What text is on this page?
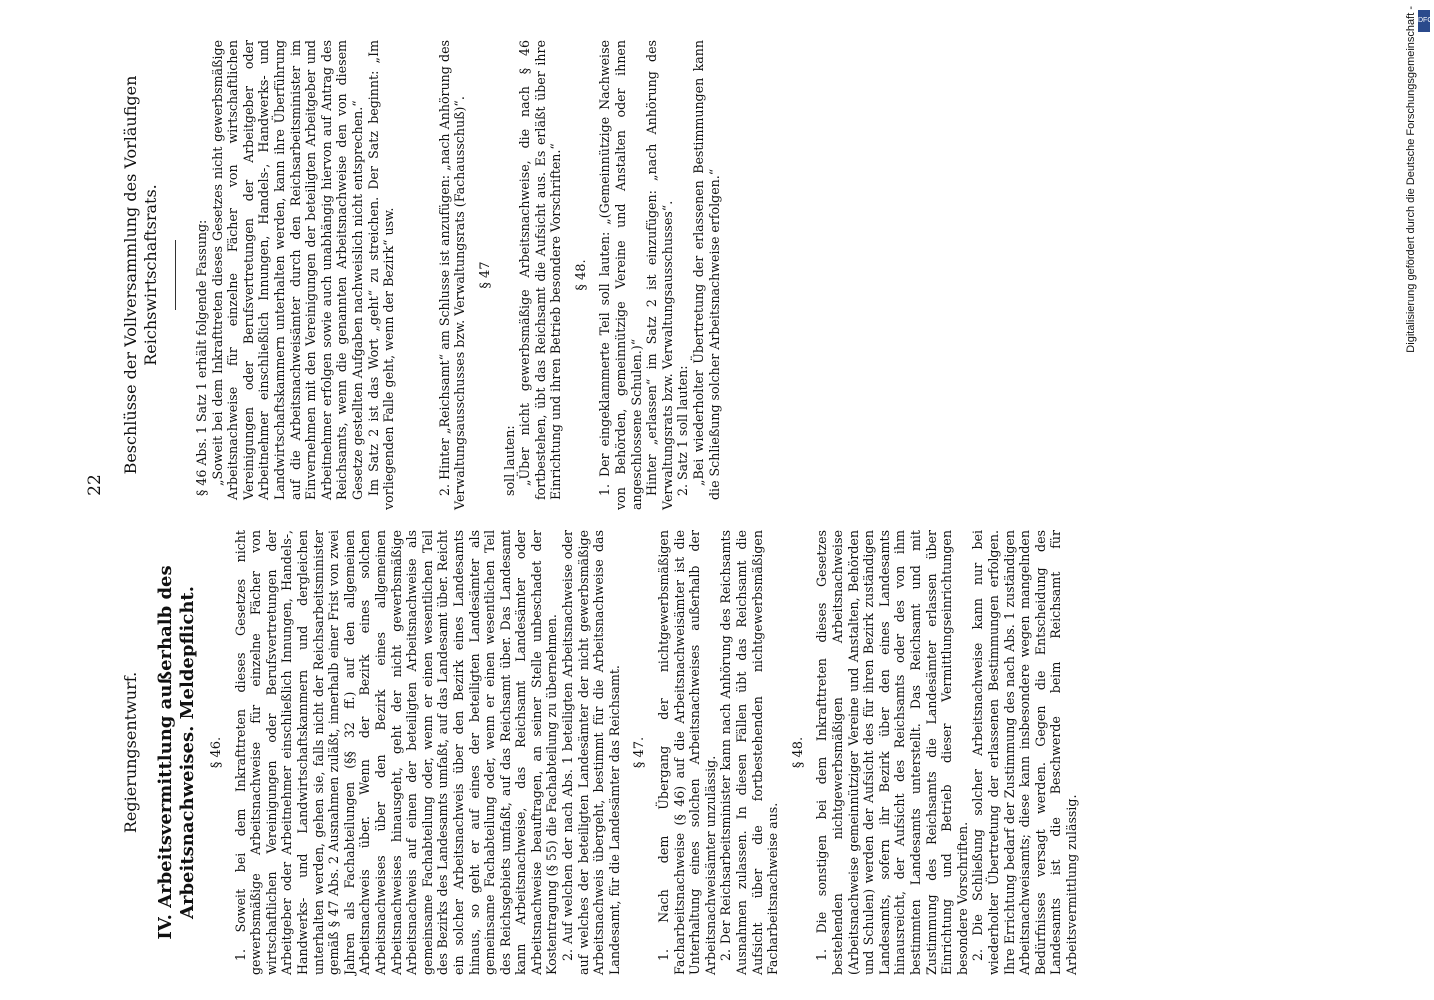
22
Regierungsentwurf. IV. Arbeitsvermittlung außerhalb des Arbeitsnachweises. Meldepflicht. § 46. 1. Soweit bei dem Inkrafttreten dieses Gesetzes nicht gewerbsmäßige Arbeitsnachweise für einzelne Fächer von wirtschaftlichen Vereinigungen oder Berufsvertretungen der Arbeitgeber oder Arbeitnehmer einschließlich Innungen, Handels-, Handwerks- und Landwirtschaftskammern und dergleichen unterhalten werden, gehen sie, falls nicht der Reichsarbeitsminister gemäß § 47 Abs. 2 Ausnahmen zuläßt, innerhalb einer Frist von zwei Jahren als Fachabteilungen (§§ 32 ff.) auf den allgemeinen Arbeitsnachweis über. Wenn der Bezirk eines solchen Arbeitsnachweises über den Bezirk eines allgemeinen Arbeitsnachweises hinausgeht, geht der nicht gewerbsmäßige Arbeitsnachweis auf einen der beteiligten Arbeitsnachweise als gemeinsame Fachabteilung oder, wenn er einen wesentlichen Teil des Bezirks des Landesamts umfaßt, auf das Landesamt über. Reicht ein solcher Arbeitsnachweis über den Bezirk eines Landesamts hinaus, so geht er auf eines der beteiligten Landesämter als gemeinsame Fachabteilung oder, wenn er einen wesentlichen Teil des Reichsgebiets umfaßt, auf das Reichsamt über. Das Landesamt kann Arbeitsnachweise, das Reichsamt Landesämter oder Arbeitsnachweise beauftragen, an seiner Stelle unbeschadet der Kostentragung (§ 55) die Fachabteilung zu übernehmen. 2. Auf welchen der nach Abs. 1 beteiligten Arbeitsnachweise oder auf welches der beteiligten Landesämter der nicht gewerbsmäßige Arbeitsnachweis übergeht, bestimmt für die Arbeitsnachweise das Landesamt, für die Landesämter das Reichsamt. § 47. 1. Nach dem Übergang der nichtgewerbsmäßigen Facharbeitsnachweise (§ 46) auf die Arbeitsnachweisämter ist die Unterhaltung eines solchen Arbeitsnachweises außerhalb der Arbeitsnachweisämter unzulässig. 2. Der Reichsarbeitsminister kann nach Anhörung des Reichsamts Ausnahmen zulassen. In diesen Fällen übt das Reichsamt die Aufsicht über die fortbestehenden nichtgewerbsmäßigen Facharbeitsnachweise aus.

§ 48. 1. Die sonstigen bei dem Inkrafttreten dieses Gesetzes bestehenden nichtgewerbsmäßigen Arbeitsnachweise (Arbeitsnachweise gemeinnütziger Vereine und Anstalten, Behörden und Schulen) werden der Aufsicht des für ihren Bezirk zuständigen Landesamts, sofern ihr Bezirk über den eines Landesamts hinausreicht, der Aufsicht des Reichsamts oder des von ihm bestimmten Landesamts unterstellt. Das Reichsamt und mit Zustimmung des Reichsamts die Landesämter erlassen über Einrichtung und Betrieb dieser Vermittlungseinrichtungen besondere Vorschriften. 2. Die Schließung solcher Arbeitsnachweise kann nur bei wiederholter Übertretung der erlassenen Bestimmungen erfolgen. Ihre Errichtung bedarf der Zustimmung des nach Abs. 1 zuständigen Arbeitsnachweisamts; diese kann insbesondere wegen mangelnden Bedürfnisses versagt werden. Gegen die Entscheidung des Landesamts ist die Beschwerde beim Reichsamt für Arbeitsvermittlung zulässig.

Beschlüsse der Vollversammlung des Vorläufigen Reichswirtschaftsrats.	§ 46 Abs. 1 Satz 1 erhält folgende Fassung: „Soweit bei dem Inkrafttreten dieses Gesetzes nicht gewerbsmäßige Arbeitsnachweise für einzelne Fächer von wirtschaftlichen Vereinigungen oder Berufsvertretungen der Arbeitgeber oder Arbeitnehmer einschließlich Innungen, Handels-, Handwerks- und Landwirtschaftskammern unterhalten werden, kann ihre Überführung auf die Arbeitsnachweisämter durch den Reichsarbeitsminister im Einvernehmen mit den Vereinigungen der beteiligten Arbeitgeber und Arbeitnehmer erfolgen sowie auch unabhängig hiervon auf Antrag des Reichsamts, wenn die genannten Arbeitsnachweise den von diesem Gesetze gestellten Aufgaben nachweislich nicht entsprechen.“ Im Satz 2 ist das Wort „geht“ zu streichen. Der Satz beginnt: „Im vorliegenden Falle geht, wenn der Bezirk“ usw.	2. Hinter „Reichsamt“ am Schlusse ist anzufügen: „nach Anhörung des Verwaltungsausschusses bzw. Verwaltungsrats (Fachausschuß)“. § 47

soll lauten: „Über nicht gewerbsmäßige Arbeitsnachweise, die nach § 46 fortbestehen, übt das Reichsamt die Aufsicht aus. Es erläßt über ihre Einrichtung und ihren Betrieb besondere Vorschriften.“ § 48. 1. Der eingeklammerte Teil soll lauten: „(Gemeinnützige Nachweise von Behörden, gemeinnützige Vereine und Anstalten oder ihnen angeschlossene Schulen.)“ Hinter „erlassen“ im Satz 2 ist einzufügen: „nach Anhörung des Verwaltungsrats bzw. Verwaltungsausschusses“. 2. Satz 1 soll lauten: „Bei wiederholter Übertretung der erlassenen Bestimmungen kann die Schließung solcher Arbeitsnachweise erfolgen.“	Digitalisierung gefördert durch die Deutsche Forschungsgemeinschaft - DFG
